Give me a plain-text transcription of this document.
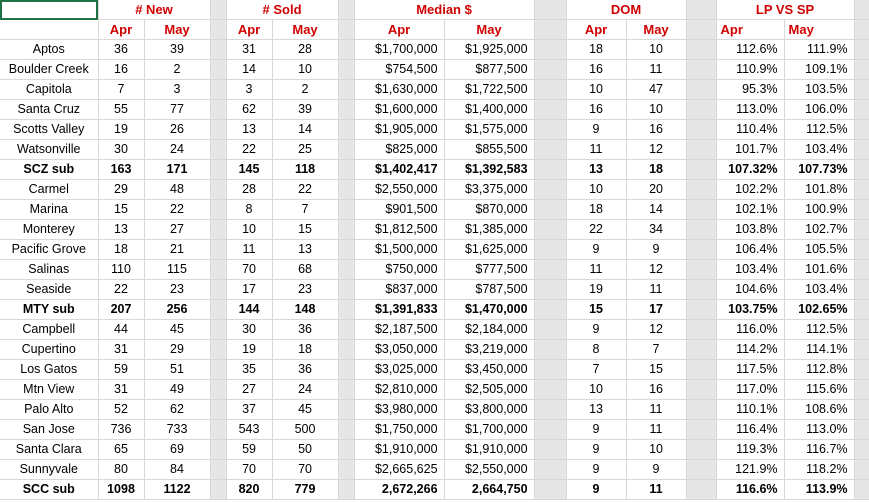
	# New			# Sold			Median $			DOM			LP VS SP		
	Apr	May		Apr	May		Apr	May		Apr	May		Apr	May	
Aptos	36	39		31	28		$1,700,000	$1,925,000		18	10		112.6%	111.9%	
Boulder Creek	16	2		14	10		$754,500	$877,500		16	11		110.9%	109.1%	
Capitola	7	3		3	2		$1,630,000	$1,722,500		10	47		95.3%	103.5%	
Santa Cruz	55	77		62	39		$1,600,000	$1,400,000		16	10		113.0%	106.0%	
Scotts Valley	19	26		13	14		$1,905,000	$1,575,000		9	16		110.4%	112.5%	
Watsonville	30	24		22	25		$825,000	$855,500		11	12		101.7%	103.4%	
SCZ sub	163	171		145	118		$1,402,417	$1,392,583		13	18		107.32%	107.73%	
Carmel	29	48		28	22		$2,550,000	$3,375,000		10	20		102.2%	101.8%	
Marina	15	22		8	7		$901,500	$870,000		18	14		102.1%	100.9%	
Monterey	13	27		10	15		$1,812,500	$1,385,000		22	34		103.8%	102.7%	
Pacific Grove	18	21		11	13		$1,500,000	$1,625,000		9	9		106.4%	105.5%	
Salinas	110	115		70	68		$750,000	$777,500		11	12		103.4%	101.6%	
Seaside	22	23		17	23		$837,000	$787,500		19	11		104.6%	103.4%	
MTY sub	207	256		144	148		$1,391,833	$1,470,000		15	17		103.75%	102.65%	
Campbell	44	45		30	36		$2,187,500	$2,184,000		9	12		116.0%	112.5%	
Cupertino	31	29		19	18		$3,050,000	$3,219,000		8	7		114.2%	114.1%	
Los Gatos	59	51		35	36		$3,025,000	$3,450,000		7	15		117.5%	112.8%	
Mtn View	31	49		27	24		$2,810,000	$2,505,000		10	16		117.0%	115.6%	
Palo Alto	52	62		37	45		$3,980,000	$3,800,000		13	11		110.1%	108.6%	
San Jose	736	733		543	500		$1,750,000	$1,700,000		9	11		116.4%	113.0%	
Santa Clara	65	69		59	50		$1,910,000	$1,910,000		9	10		119.3%	116.7%	
Sunnyvale	80	84		70	70		$2,665,625	$2,550,000		9	9		121.9%	118.2%	
SCC sub	1098	1122		820	779		2,672,266	2,664,750		9	11		116.6%	113.9%	
